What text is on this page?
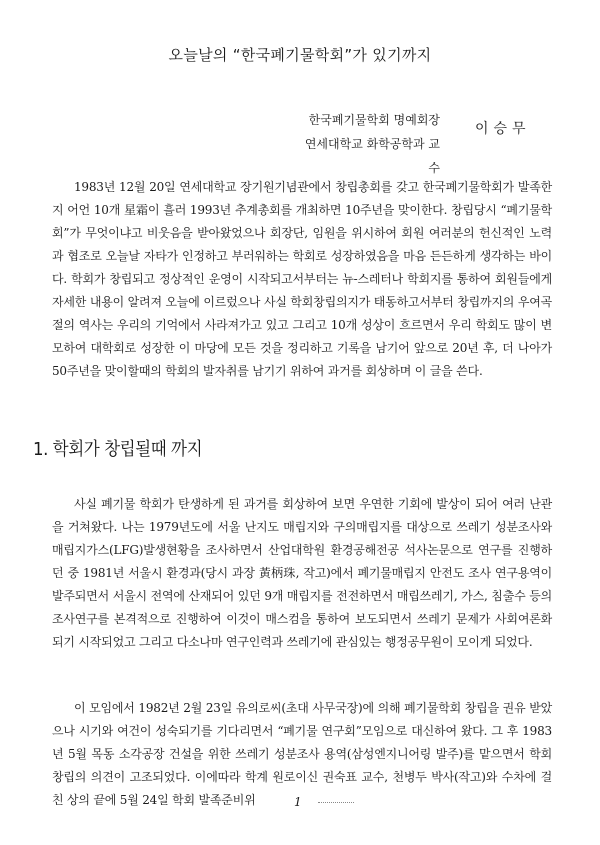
오늘날의 “한국폐기물학회”가 있기까지
한국폐기물학회 명예회장
연세대학교 화학공학과 교수
이승무

1983년 12월 20일 연세대학교 장기원기념관에서 창립총회를 갖고 한국폐기물학회가 발족한지 어언 10개 星霜이 흘러 1993년 추계총회를 개최하면 10주년을 맞이한다. 창립당시 “폐기물학회”가 무엇이냐고 비웃음을 받아왔었으나 회장단, 임원을 위시하여 회원 여러분의 헌신적인 노력과 협조로 오늘날 자타가 인정하고 부러워하는 학회로 성장하였음을 마음 든든하게 생각하는 바이다. 학회가 창립되고 정상적인 운영이 시작되고서부터는 뉴-스레터나 학회지를 통하여 회원들에게 자세한 내용이 알려져 오늘에 이르렀으나 사실 학회창립의지가 태동하고서부터 창립까지의 우여곡절의 역사는 우리의 기억에서 사라져가고 있고 그리고 10개 성상이 흐르면서 우리 학회도 많이 변모하여 대학회로 성장한 이 마당에 모든 것을 정리하고 기록을 남기어 앞으로 20년 후, 더 나아가 50주년을 맞이할때의 학회의 발자취를 남기기 위하여 과거를 회상하며 이 글을 쓴다.

1. 학회가 창립될때 까지

사실 폐기물 학회가 탄생하게 된 과거를 회상하여 보면 우연한 기회에 발상이 되어 여러 난관을 거쳐왔다. 나는 1979년도에 서울 난지도 매립지와 구의매립지를 대상으로 쓰레기 성분조사와 매립지가스(LFG)발생현황을 조사하면서 산업대학원 환경공해전공 석사논문으로 연구를 진행하던 중 1981년 서울시 환경과(당시 과장 黃柄珠, 작고)에서 폐기물매립지 안전도 조사 연구용역이 발주되면서 서울시 전역에 산재되어 있던 9개 매립지를 전전하면서 매립쓰레기, 가스, 침출수 등의 조사연구를 본격적으로 진행하여 이것이 매스컴을 통하여 보도되면서 쓰레기 문제가 사회여론화 되기 시작되었고 그리고 다소나마 연구인력과 쓰레기에 관심있는 행정공무원이 모이게 되었다.

이 모임에서 1982년 2월 23일 유의로씨(초대 사무국장)에 의해 폐기물학회 창립을 권유 받았으나 시기와 여건이 성숙되기를 기다리면서 “폐기물 연구회”모임으로 대신하여 왔다. 그 후 1983년 5월 목동 소각공장 건설을 위한 쓰레기 성분조사 용역(삼성엔지니어링 발주)를 맡으면서 학회창립의 의견이 고조되었다. 이에따라 학계 원로이신 권숙표 교수, 천병두 박사(작고)와 수차에 걸친 상의 끝에 5월 24일 학회 발족준비위	1
